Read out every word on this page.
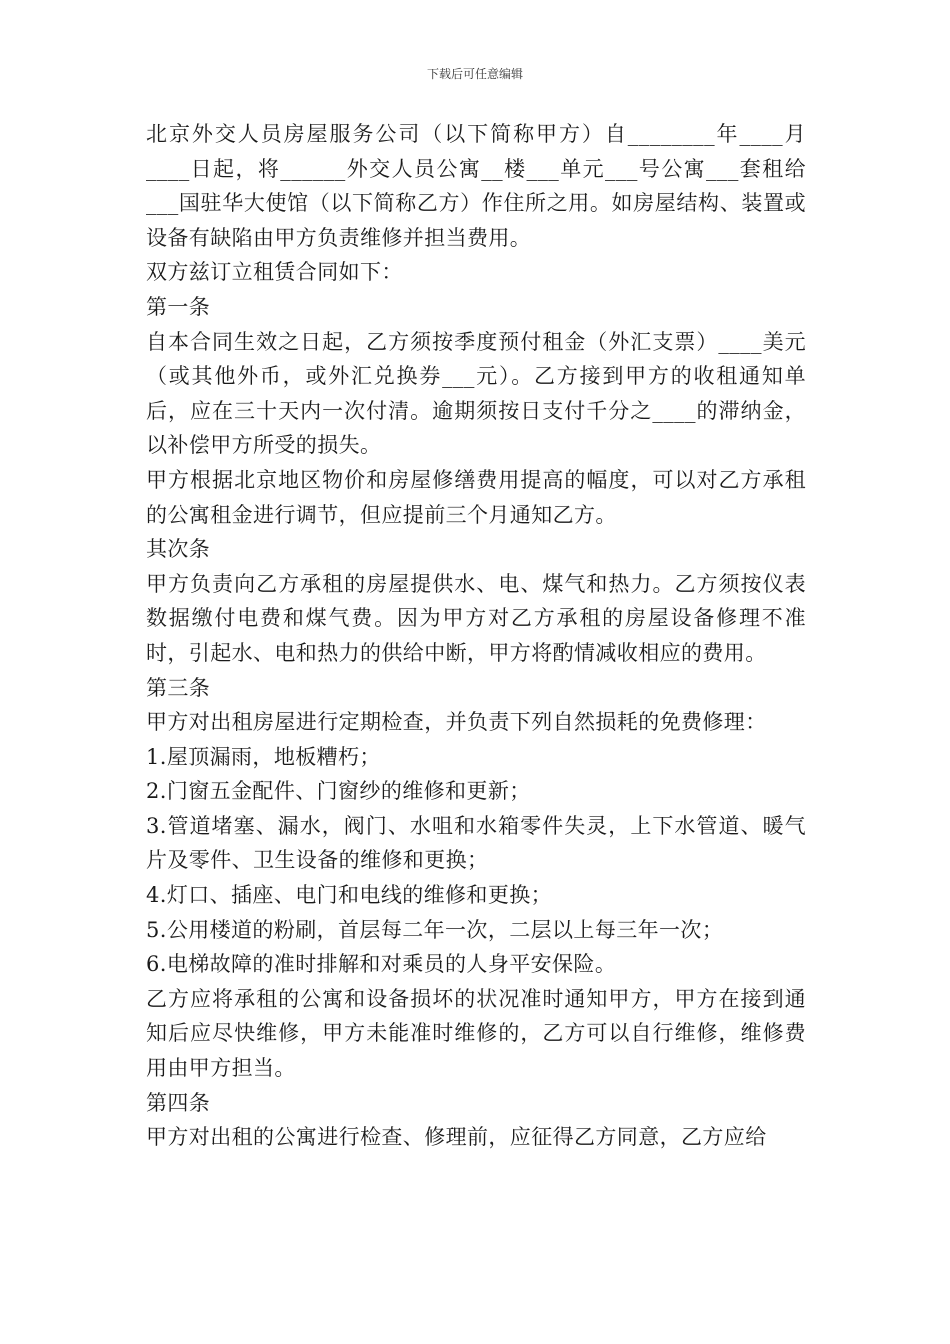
下载后可任意编辑

北京外交人员房屋服务公司（以下简称甲方）自________年____月____日起，将______外交人员公寓__楼___单元___号公寓___套租给___国驻华大使馆（以下简称乙方）作住所之用。如房屋结构、装置或设备有缺陷由甲方负责维修并担当费用。

双方兹订立租赁合同如下：

第一条

自本合同生效之日起，乙方须按季度预付租金（外汇支票）____美元（或其他外币，或外汇兑换券___元）。乙方接到甲方的收租通知单后，应在三十天内一次付清。逾期须按日支付千分之____的滞纳金，以补偿甲方所受的损失。

甲方根据北京地区物价和房屋修缮费用提高的幅度，可以对乙方承租的公寓租金进行调节，但应提前三个月通知乙方。

其次条

甲方负责向乙方承租的房屋提供水、电、煤气和热力。乙方须按仪表数据缴付电费和煤气费。因为甲方对乙方承租的房屋设备修理不准时，引起水、电和热力的供给中断，甲方将酌情减收相应的费用。

第三条

甲方对出租房屋进行定期检查，并负责下列自然损耗的免费修理：

1.屋顶漏雨，地板糟朽；

2.门窗五金配件、门窗纱的维修和更新；

3.管道堵塞、漏水，阀门、水咀和水箱零件失灵，上下水管道、暖气片及零件、卫生设备的维修和更换；

4.灯口、插座、电门和电线的维修和更换；

5.公用楼道的粉刷，首层每二年一次，二层以上每三年一次；

6.电梯故障的准时排解和对乘员的人身平安保险。

乙方应将承租的公寓和设备损坏的状况准时通知甲方，甲方在接到通知后应尽快维修，甲方未能准时维修的，乙方可以自行维修，维修费用由甲方担当。

第四条

甲方对出租的公寓进行检查、修理前，应征得乙方同意，乙方应给
